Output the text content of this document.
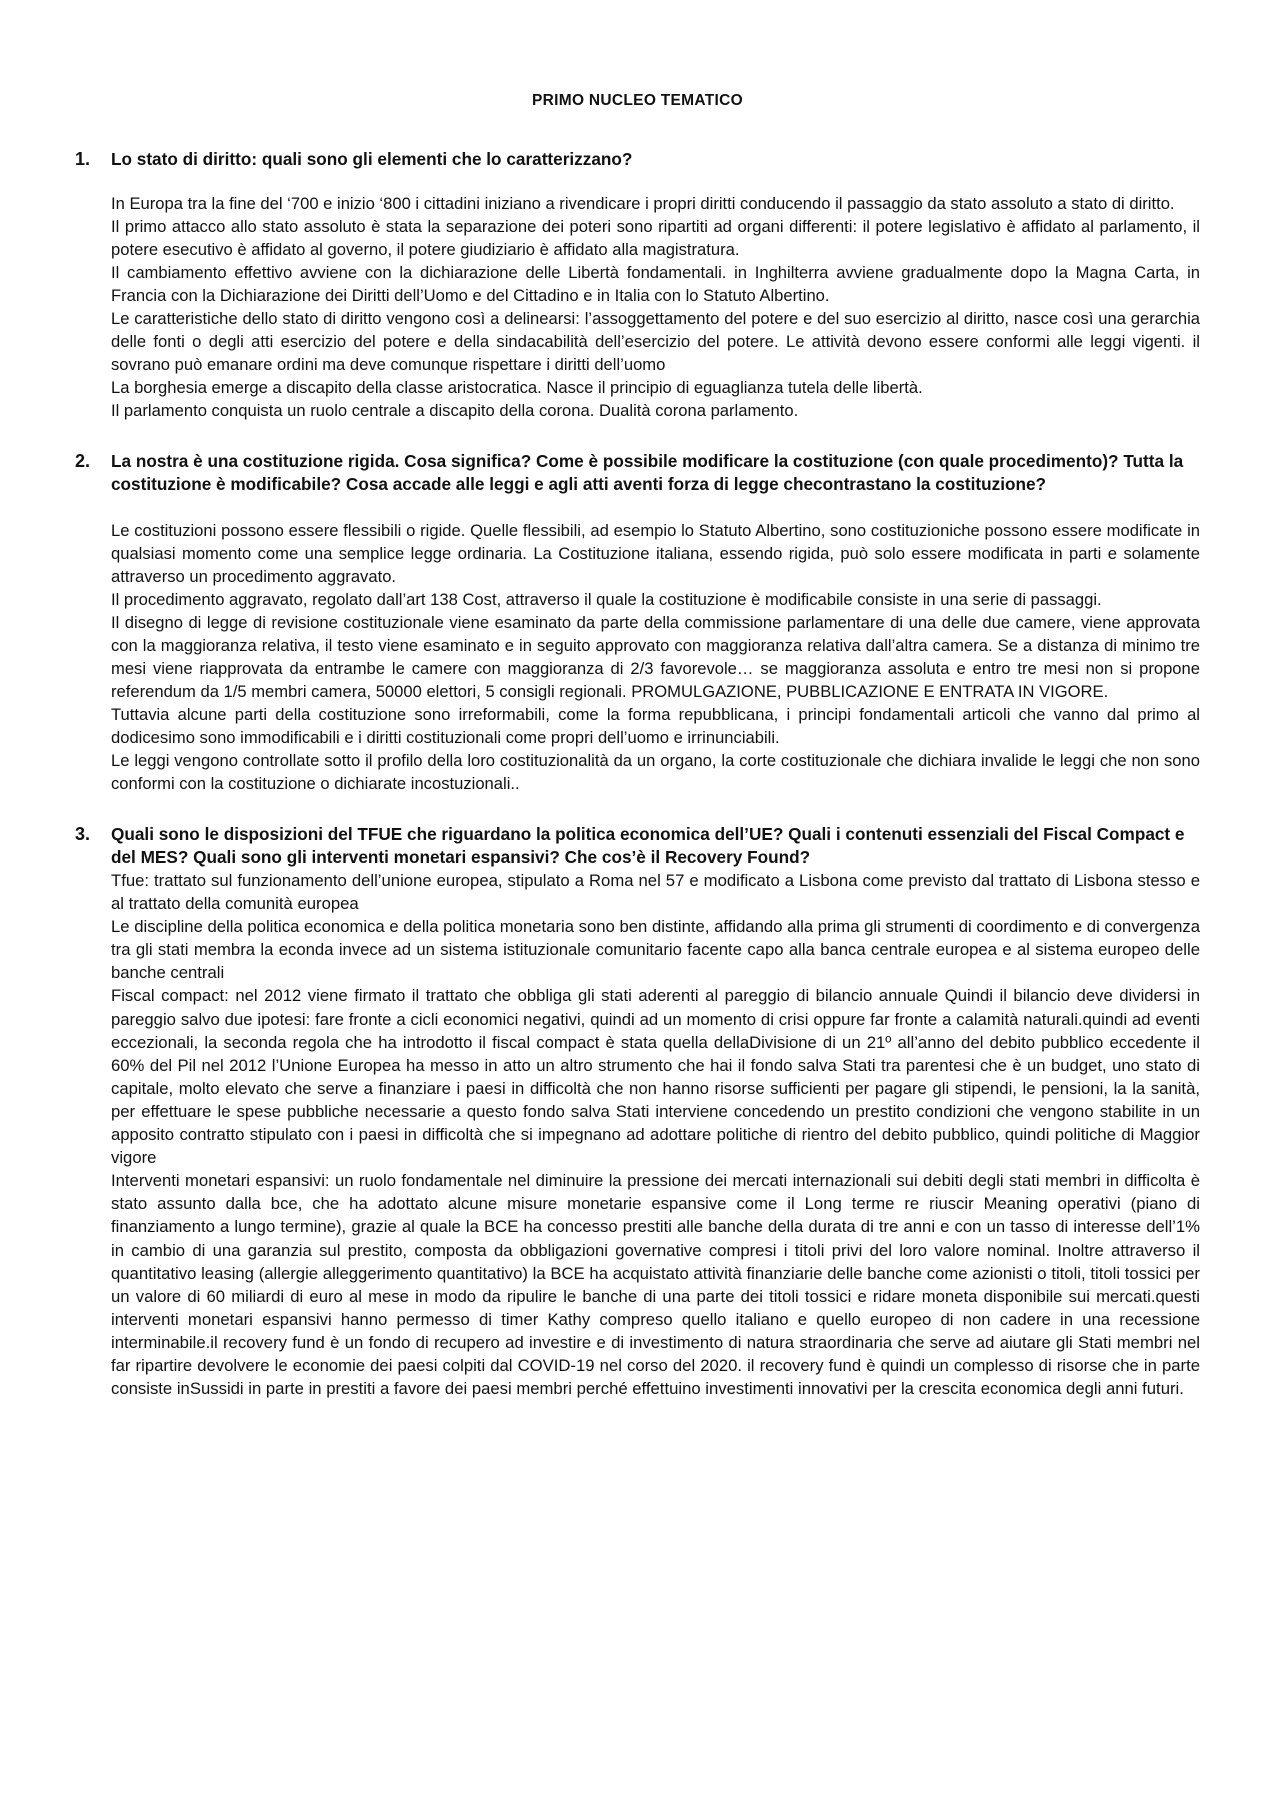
PRIMO NUCLEO TEMATICO
1.	Lo stato di diritto: quali sono gli elementi che lo caratterizzano?

In Europa tra la fine del ‘700 e inizio ‘800 i cittadini iniziano a rivendicare i propri diritti conducendo il passaggio da stato assoluto a stato di diritto.

Il primo attacco allo stato assoluto è stata la separazione dei poteri sono ripartiti ad organi differenti: il potere legislativo è affidato al parlamento, il potere esecutivo è affidato al governo, il potere giudiziario è affidato alla magistratura.

Il cambiamento effettivo avviene con la dichiarazione delle Libertà fondamentali. in Inghilterra avviene gradualmente dopo la Magna Carta, in Francia con la Dichiarazione dei Diritti dell’Uomo e del Cittadino e in Italia con lo Statuto Albertino.

Le caratteristiche dello stato di diritto vengono così a delinearsi: l’assoggettamento del potere e del suo esercizio al diritto, nasce così una gerarchia delle fonti o degli atti esercizio del potere e della sindacabilità dell’esercizio del potere. Le attività devono essere conformi alle leggi vigenti. il sovrano può emanare ordini ma deve comunque rispettare i diritti dell’uomo

La borghesia emerge a discapito della classe aristocratica. Nasce il principio di eguaglianza tutela delle libertà.

Il parlamento conquista un ruolo centrale a discapito della corona. Dualità corona parlamento.

2.	La nostra è una costituzione rigida. Cosa significa? Come è possibile modificare la costituzione (con quale procedimento)? Tutta la costituzione è modificabile? Cosa accade alle leggi e agli atti aventi forza di legge checontrastano la costituzione?

Le costituzioni possono essere flessibili o rigide. Quelle flessibili, ad esempio lo Statuto Albertino, sono costituzioniche possono essere modificate in qualsiasi momento come una semplice legge ordinaria. La Costituzione italiana, essendo rigida, può solo essere modificata in parti e solamente attraverso un procedimento aggravato.

Il procedimento aggravato, regolato dall’art 138 Cost, attraverso il quale la costituzione è modificabile consiste in una serie di passaggi.

Il disegno di legge di revisione costituzionale viene esaminato da parte della commissione parlamentare di una delle due camere, viene approvata con la maggioranza relativa, il testo viene esaminato e in seguito approvato con maggioranza relativa dall’altra camera. Se a distanza di minimo tre mesi viene riapprovata da entrambe le camere con maggioranza di 2/3 favorevole… se maggioranza assoluta e entro tre mesi non si propone referendum da 1/5 membri camera, 50000 elettori, 5 consigli regionali. PROMULGAZIONE, PUBBLICAZIONE E ENTRATA IN VIGORE.

Tuttavia alcune parti della costituzione sono irreformabili, come la forma repubblicana, i principi fondamentali articoli che vanno dal primo al dodicesimo sono immodificabili e i diritti costituzionali come propri dell’uomo e irrinunciabili.

Le leggi vengono controllate sotto il profilo della loro costituzionalità da un organo, la corte costituzionale che dichiara invalide le leggi che non sono conformi con la costituzione o dichiarate incostuzionali..

3.	Quali sono le disposizioni del TFUE che riguardano la politica economica dell’UE? Quali i contenuti essenziali del Fiscal Compact e del MES? Quali sono gli interventi monetari espansivi? Che cos’è il Recovery Found?

Tfue: trattato sul funzionamento dell’unione europea, stipulato a Roma nel 57 e modificato a Lisbona come previsto dal trattato di Lisbona stesso e al trattato della comunità europea

Le discipline della politica economica e della politica monetaria sono ben distinte, affidando alla prima gli strumenti di coordimento e di convergenza tra gli stati membra la econda invece ad un sistema istituzionale comunitario facente capo alla banca centrale europea e al sistema europeo delle banche centrali

Fiscal compact: nel 2012 viene firmato il trattato che obbliga gli stati aderenti al pareggio di bilancio annuale Quindi il bilancio deve dividersi in pareggio salvo due ipotesi: fare fronte a cicli economici negativi, quindi ad un momento di crisi oppure far fronte a calamità naturali.quindi ad eventi eccezionali, la seconda regola che ha introdotto il fiscal compact è stata quella dellaDivisione di un 21º all’anno del debito pubblico eccedente il 60% del Pil nel 2012 l’Unione Europea ha messo in atto un altro strumento che hai il fondo salva Stati tra parentesi che è un budget, uno stato di capitale, molto elevato che serve a finanziare i paesi in difficoltà che non hanno risorse sufficienti per pagare gli stipendi, le pensioni, la la sanità, per effettuare le spese pubbliche necessarie a questo fondo salva Stati interviene concedendo un prestito condizioni che vengono stabilite in un apposito contratto stipulato con i paesi in difficoltà che si impegnano ad adottare politiche di rientro del debito pubblico, quindi politiche di Maggior vigore

Interventi monetari espansivi: un ruolo fondamentale nel diminuire la pressione dei mercati internazionali sui debiti degli stati membri in difficolta è stato assunto dalla bce, che ha adottato alcune misure monetarie espansive come il Long terme re riuscir Meaning operativi (piano di finanziamento a lungo termine), grazie al quale la BCE ha concesso prestiti alle banche della durata di tre anni e con un tasso di interesse dell’1% in cambio di una garanzia sul prestito, composta da obbligazioni governative compresi i titoli privi del loro valore nominal. Inoltre attraverso il quantitativo leasing (allergie alleggerimento quantitativo) la BCE ha acquistato attività finanziarie delle banche come azionisti o titoli, titoli tossici per un valore di 60 miliardi di euro al mese in modo da ripulire le banche di una parte dei titoli tossici e ridare moneta disponibile sui mercati.questi interventi monetari espansivi hanno permesso di timer Kathy compreso quello italiano e quello europeo di non cadere in una recessione interminabile.il recovery fund è un fondo di recupero ad investire e di investimento di natura straordinaria che serve ad aiutare gli Stati membri nel far ripartire devolvere le economie dei paesi colpiti dal COVID-19 nel corso del 2020. il recovery fund è quindi un complesso di risorse che in parte consiste inSussidi in parte in prestiti a favore dei paesi membri perché effettuino investimenti innovativi per la crescita economica degli anni futuri.
